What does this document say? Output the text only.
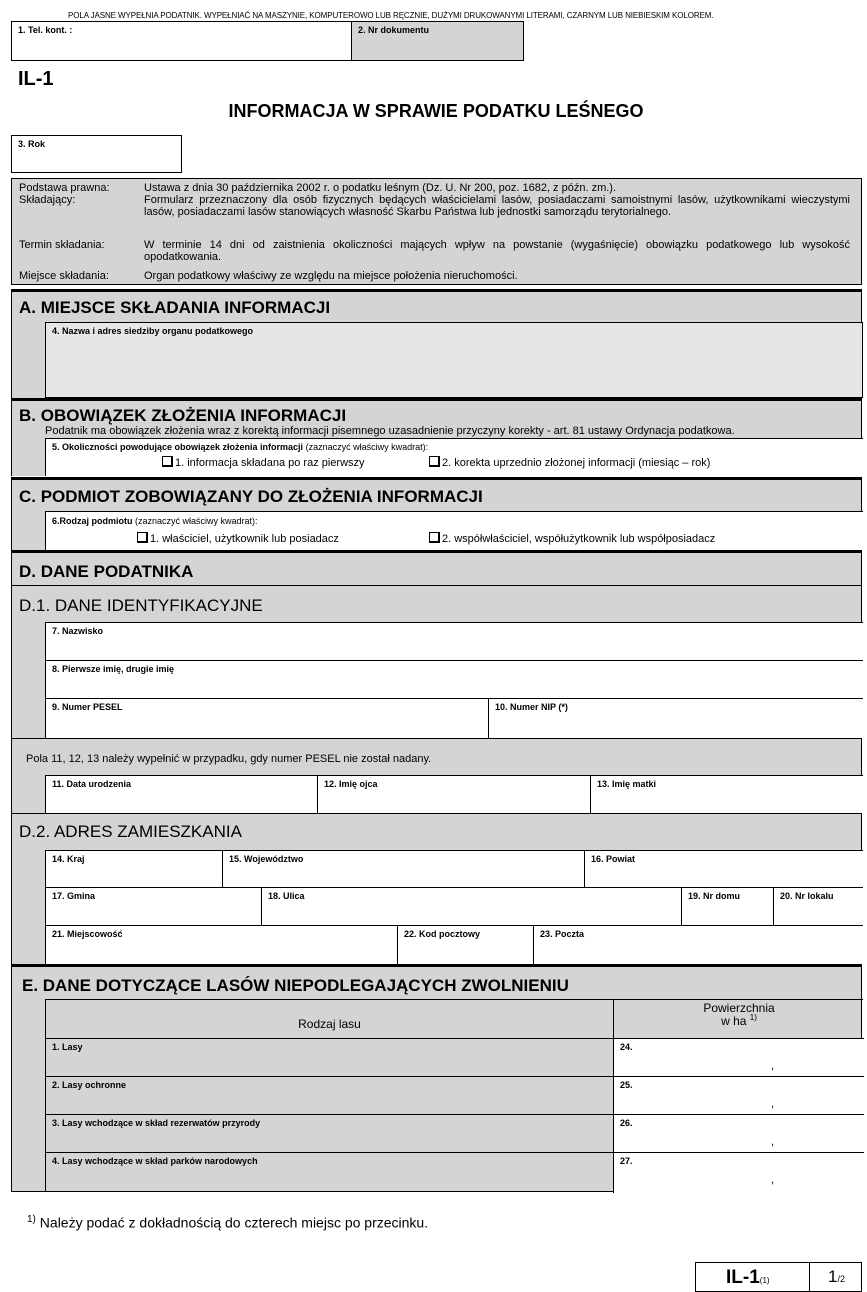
POLA JASNE WYPEŁNIA PODATNIK. WYPEŁNIAĆ NA MASZYNIE, KOMPUTEROWO LUB RĘCZNIE, DUŻYMI DRUKOWANYMI LITERAMI, CZARNYM LUB NIEBIESKIM KOLOREM.
1. Tel. kont. :	2. Nr dokumentu
IL-1
INFORMACJA W SPRAWIE PODATKU LEŚNEGO
3. Rok
Podstawa prawna:	Ustawa z dnia 30 października 2002 r. o podatku leśnym (Dz. U. Nr 200, poz. 1682, z późn. zm.).
Składający:	Formularz przeznaczony dla osób fizycznych będących właścicielami lasów, posiadaczami samoistnymi lasów, użytkownikami wieczystymi lasów, posiadaczami lasów stanowiących własność Skarbu Państwa lub jednostki samorządu terytorialnego.
Termin składania:	W terminie 14 dni od zaistnienia okoliczności mających wpływ na powstanie (wygaśnięcie) obowiązku podatkowego lub wysokość opodatkowania.
Miejsce składania:	Organ podatkowy właściwy ze względu na miejsce położenia nieruchomości.
A. MIEJSCE SKŁADANIA INFORMACJI
4. Nazwa i adres siedziby organu podatkowego
B. OBOWIĄZEK ZŁOŻENIA INFORMACJI
Podatnik ma obowiązek złożenia wraz z korektą informacji pisemnego uzasadnienie przyczyny korekty - art. 81 ustawy Ordynacja podatkowa.
5. Okoliczności powodujące obowiązek złożenia informacji (zaznaczyć właściwy kwadrat):
1. informacja składana po raz pierwszy	2. korekta uprzednio złożonej informacji (miesiąc – rok)
C. PODMIOT ZOBOWIĄZANY DO ZŁOŻENIA INFORMACJI
6.Rodzaj podmiotu (zaznaczyć właściwy kwadrat):
1. właściciel, użytkownik lub posiadacz	2. współwłaściciel, współużytkownik lub współposiadacz
D. DANE PODATNIKA
D.1. DANE IDENTYFIKACYJNE
7. Nazwisko
8. Pierwsze imię, drugie imię
9. Numer PESEL	10. Numer NIP (*)
Pola 11, 12, 13 należy wypełnić w przypadku, gdy numer PESEL nie został nadany.
11. Data urodzenia	12. Imię ojca	13. Imię matki
D.2. ADRES ZAMIESZKANIA
14. Kraj	15. Województwo	16. Powiat
17. Gmina	18. Ulica	19. Nr domu	20. Nr lokalu
21. Miejscowość	22. Kod pocztowy	23. Poczta
E. DANE DOTYCZĄCE LASÓW NIEPODLEGAJĄCYCH ZWOLNIENIU
Rodzaj lasu
Powierzchnia
w ha $^{1)}$
1. Lasy	24.
,
2. Lasy ochronne	25.
,
3. Lasy wchodzące w skład rezerwatów przyrody	26.
,
4. Lasy wchodzące w skład parków narodowych	27.
,
$^{1)}$ Należy podać z dokładnością do czterech miejsc po przecinku.
IL-1(1)	1/2
